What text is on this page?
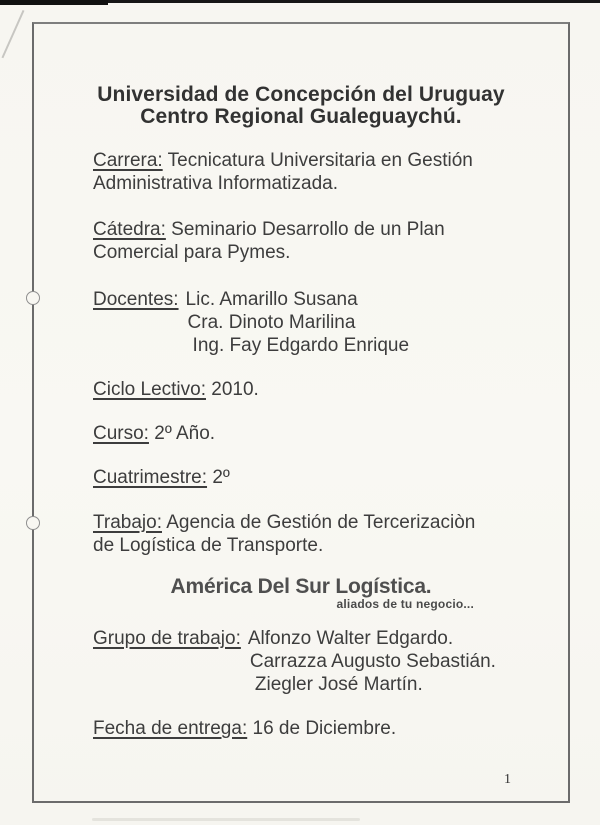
Universidad de Concepción del Uruguay
Centro Regional Gualeguaychú.
Carrera: Tecnicatura Universitaria en Gestión
Administrativa Informatizada.
Cátedra: Seminario Desarrollo de un Plan
Comercial para Pymes.
Docentes: Lic. Amarillo Susana
Cra. Dinoto Marilina
Ing. Fay Edgardo Enrique
Ciclo Lectivo: 2010.
Curso: 2º Año.
Cuatrimestre: 2º
Trabajo: Agencia de Gestión de Tercerizaciòn
de Logística de Transporte.
América Del Sur Logística.
aliados de tu negocio...
Grupo de trabajo: Alfonzo Walter Edgardo.
Carrazza Augusto Sebastián.
Ziegler José Martín.
Fecha de entrega: 16 de Diciembre.
1
